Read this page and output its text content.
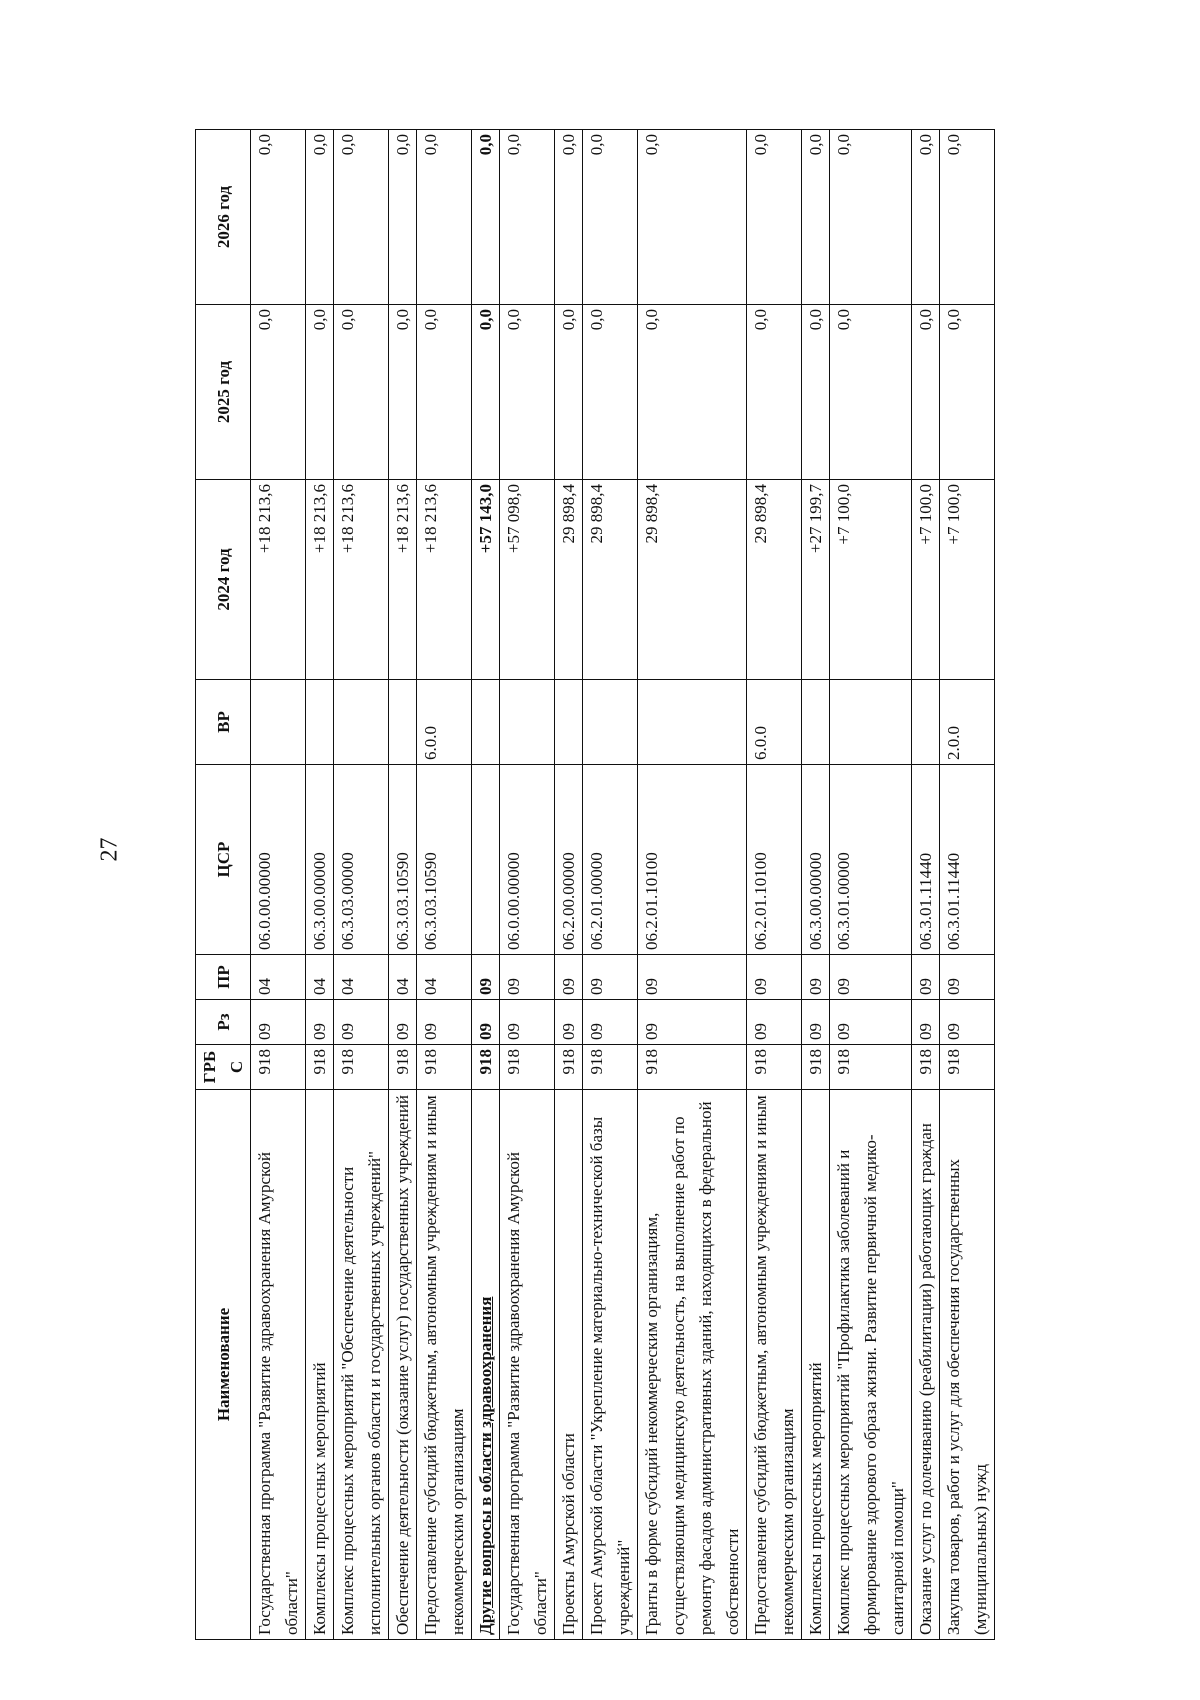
27
Наименование	ГРБС	Рз	ПР	ЦСР	ВР	2024 год	2025 год	2026 год
Государственная программа "Развитие здравоохранения Амурской области"	918	09	04	06.0.00.00000		+18 213,6	0,0	0,0
Комплексы процессных мероприятий	918	09	04	06.3.00.00000		+18 213,6	0,0	0,0
Комплекс процессных мероприятий "Обеспечение деятельности исполнительных органов области и государственных учреждений"	918	09	04	06.3.03.00000		+18 213,6	0,0	0,0
Обеспечение деятельности (оказание услуг) государственных учреждений	918	09	04	06.3.03.10590		+18 213,6	0,0	0,0
Предоставление субсидий бюджетным, автономным учреждениям и иным некоммерческим организациям	918	09	04	06.3.03.10590	6.0.0	+18 213,6	0,0	0,0
Другие вопросы в области здравоохранения	918	09	09			+57 143,0	0,0	0,0
Государственная программа "Развитие здравоохранения Амурской области"	918	09	09	06.0.00.00000		+57 098,0	0,0	0,0
Проекты Амурской области	918	09	09	06.2.00.00000		29 898,4	0,0	0,0
Проект Амурской области "Укрепление материально-технической базы учреждений"	918	09	09	06.2.01.00000		29 898,4	0,0	0,0
Гранты в форме субсидий некоммерческим организациям, осуществляющим медицинскую деятельность, на выполнение работ по ремонту фасадов административных зданий, находящихся в федеральной собственности	918	09	09	06.2.01.10100		29 898,4	0,0	0,0
Предоставление субсидий бюджетным, автономным учреждениям и иным некоммерческим организациям	918	09	09	06.2.01.10100	6.0.0	29 898,4	0,0	0,0
Комплексы процессных мероприятий	918	09	09	06.3.00.00000		+27 199,7	0,0	0,0
Комплекс процессных мероприятий "Профилактика заболеваний и формирование здорового образа жизни. Развитие первичной медико-санитарной помощи"	918	09	09	06.3.01.00000		+7 100,0	0,0	0,0
Оказание услуг по долечиванию (реабилитации) работающих граждан	918	09	09	06.3.01.11440		+7 100,0	0,0	0,0
Закупка товаров, работ и услуг для обеспечения государственных (муниципальных) нужд	918	09	09	06.3.01.11440	2.0.0	+7 100,0	0,0	0,0
